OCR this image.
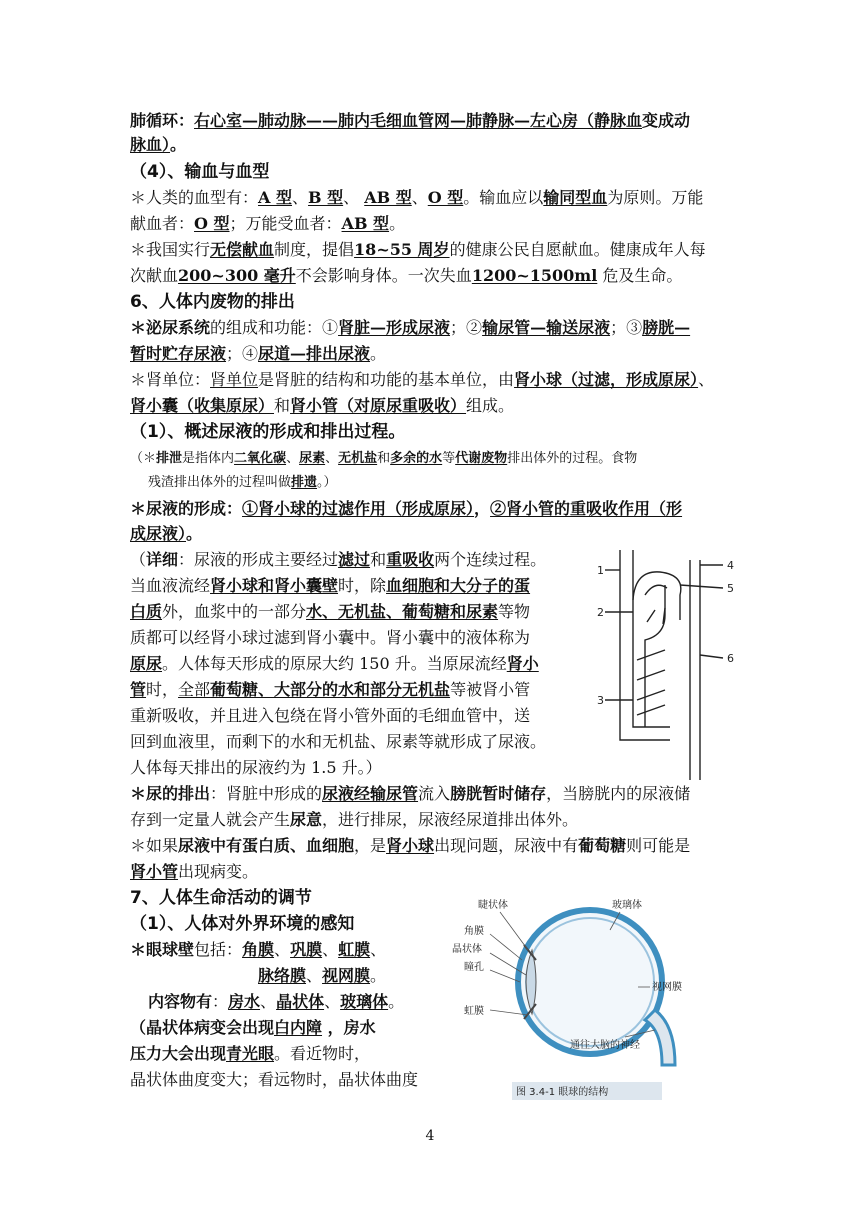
肺循环：右心室—肺动脉——肺内毛细血管网—肺静脉—左心房（静脉血变成动
脉血）。
（4）、输血与血型
＊人类的血型有：A 型、B 型、 AB 型、O 型。输血应以输同型血为原则。万能
献血者：O 型；万能受血者：AB 型。
＊我国实行无偿献血制度，提倡18~55 周岁的健康公民自愿献血。健康成年人每
次献血200~300 毫升不会影响身体。一次失血1200~1500ml 危及生命。
6、人体内废物的排出
＊泌尿系统的组成和功能：①肾脏—形成尿液；②输尿管—输送尿液；③膀胱—
暂时贮存尿液；④尿道—排出尿液。
＊肾单位：肾单位是肾脏的结构和功能的基本单位，由肾小球（过滤，形成原尿）、
肾小囊（收集原尿）和肾小管（对原尿重吸收）组成。
（1）、概述尿液的形成和排出过程。
（＊排泄是指体内二氧化碳、尿素、无机盐和多余的水等代谢废物排出体外的过程。食物
残渣排出体外的过程叫做排遗。）
＊尿液的形成：①肾小球的过滤作用（形成原尿），②肾小管的重吸收作用（形
成尿液）。
（详细：尿液的形成主要经过滤过和重吸收两个连续过程。
当血液流经肾小球和肾小囊壁时，除血细胞和大分子的蛋
白质外，血浆中的一部分水、无机盐、葡萄糖和尿素等物
质都可以经肾小球过滤到肾小囊中。肾小囊中的液体称为
原尿。人体每天形成的原尿大约 150 升。当原尿流经肾小
管时，全部葡萄糖、大部分的水和部分无机盐等被肾小管
重新吸收，并且进入包绕在肾小管外面的毛细血管中，送
回到血液里，而剩下的水和无机盐、尿素等就形成了尿液。
人体每天排出的尿液约为 1.5 升。）
＊尿的排出：肾脏中形成的尿液经输尿管流入膀胱暂时储存，当膀胱内的尿液储
存到一定量人就会产生尿意，进行排尿，尿液经尿道排出体外。
＊如果尿液中有蛋白质、血细胞，是肾小球出现问题，尿液中有葡萄糖则可能是
肾小管出现病变。
7、人体生命活动的调节
（1）、人体对外界环境的感知
＊眼球壁包括：角膜、巩膜、虹膜、
脉络膜、视网膜。
内容物有：房水、晶状体、玻璃体。
（晶状体病变会出现白内障 ，房水
压力大会出现青光眼。看近物时，
晶状体曲度变大；看远物时，晶状体曲度
1
2
3
4
5
6
睫状体
角膜
晶状体
瞳孔
虹膜
玻璃体
视网膜
通往大脑的神经
图 3.4-1 眼球的结构
4
